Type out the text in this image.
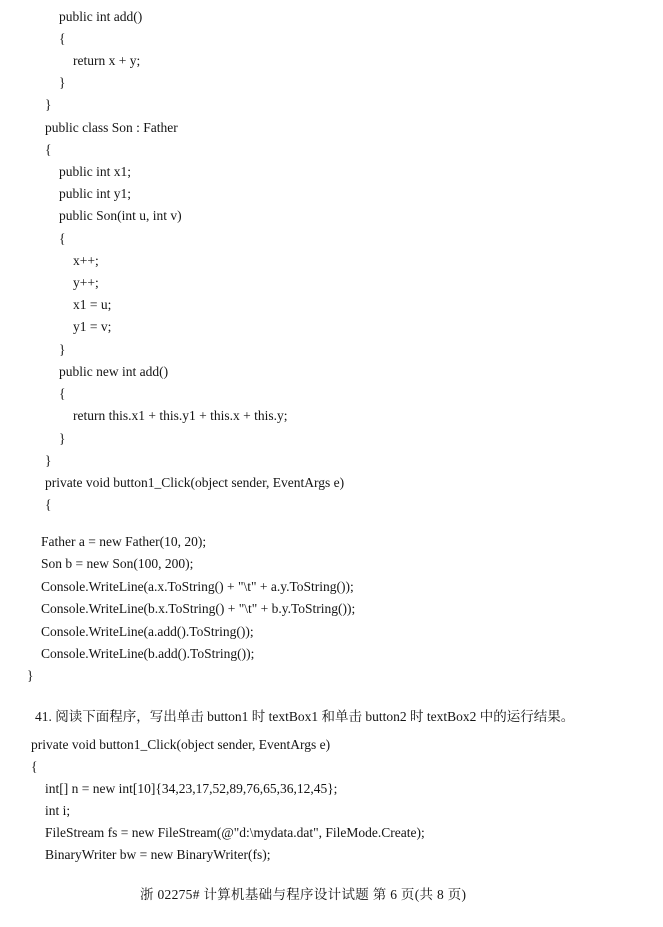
public int add()
{
return x + y;
}
}
public class Son : Father
{
public int x1;
public int y1;
public Son(int u, int v)
{
x++;
y++;
x1 = u;
y1 = v;
}
public new int add()
{
return this.x1 + this.y1 + this.x + this.y;
}
}
private void button1_Click(object sender, EventArgs e)
{
Father a = new Father(10, 20);
Son b = new Son(100, 200);
Console.WriteLine(a.x.ToString() + "\t" + a.y.ToString());
Console.WriteLine(b.x.ToString() + "\t" + b.y.ToString());
Console.WriteLine(a.add().ToString());
Console.WriteLine(b.add().ToString());
}
41. 阅读下面程序，写出单击 button1 时 textBox1 和单击 button2 时 textBox2 中的运行结果。
private void button1_Click(object sender, EventArgs e)
{
int[] n = new int[10]{34,23,17,52,89,76,65,36,12,45};
int i;
FileStream fs = new FileStream(@"d:\mydata.dat", FileMode.Create);
BinaryWriter bw = new BinaryWriter(fs);
浙 02275# 计算机基础与程序设计试题 第 6 页(共 8 页)
